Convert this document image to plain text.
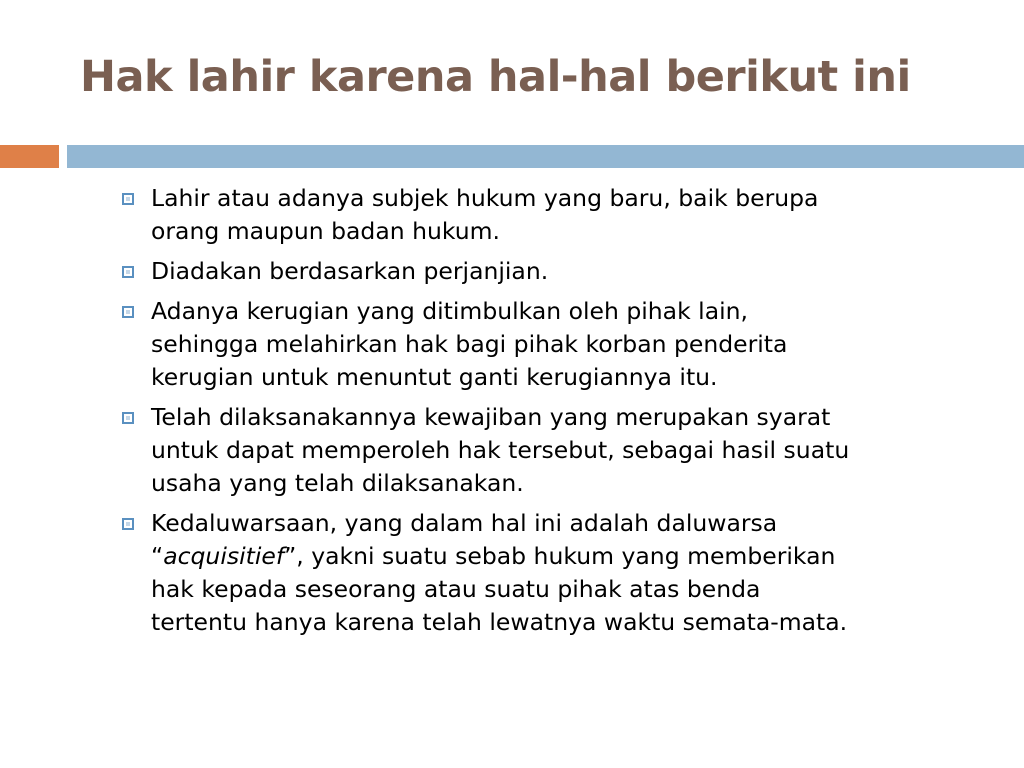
Hak lahir karena hal-hal berikut ini
Lahir atau adanya subjek hukum yang baru, baik berupa
orang maupun badan hukum.
Diadakan berdasarkan perjanjian.
Adanya kerugian yang ditimbulkan oleh pihak lain,
sehingga melahirkan hak bagi pihak korban penderita
kerugian untuk menuntut ganti kerugiannya itu.
Telah dilaksanakannya kewajiban yang merupakan syarat
untuk dapat memperoleh hak tersebut, sebagai hasil suatu
usaha yang telah dilaksanakan.
Kedaluwarsaan, yang dalam hal ini adalah daluwarsa
“acquisitief”, yakni suatu sebab hukum yang memberikan
hak kepada seseorang atau suatu pihak atas benda
tertentu hanya karena telah lewatnya waktu semata-mata.
